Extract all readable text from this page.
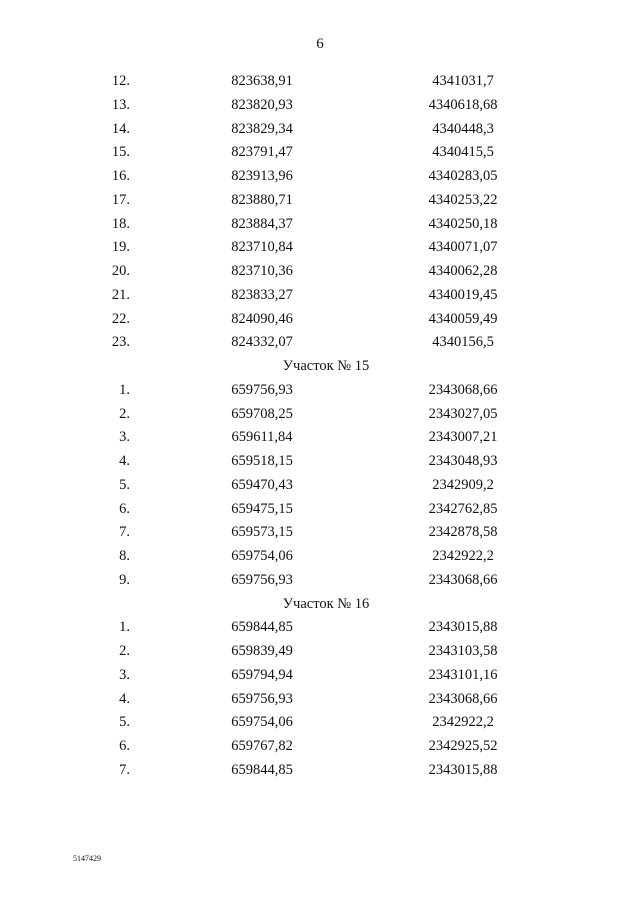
6
12.	823638,91	4341031,7
13.	823820,93	4340618,68
14.	823829,34	4340448,3
15.	823791,47	4340415,5
16.	823913,96	4340283,05
17.	823880,71	4340253,22
18.	823884,37	4340250,18
19.	823710,84	4340071,07
20.	823710,36	4340062,28
21.	823833,27	4340019,45
22.	824090,46	4340059,49
23.	824332,07	4340156,5
Участок № 15
1.	659756,93	2343068,66
2.	659708,25	2343027,05
3.	659611,84	2343007,21
4.	659518,15	2343048,93
5.	659470,43	2342909,2
6.	659475,15	2342762,85
7.	659573,15	2342878,58
8.	659754,06	2342922,2
9.	659756,93	2343068,66
Участок № 16
1.	659844,85	2343015,88
2.	659839,49	2343103,58
3.	659794,94	2343101,16
4.	659756,93	2343068,66
5.	659754,06	2342922,2
6.	659767,82	2342925,52
7.	659844,85	2343015,88
5147429
